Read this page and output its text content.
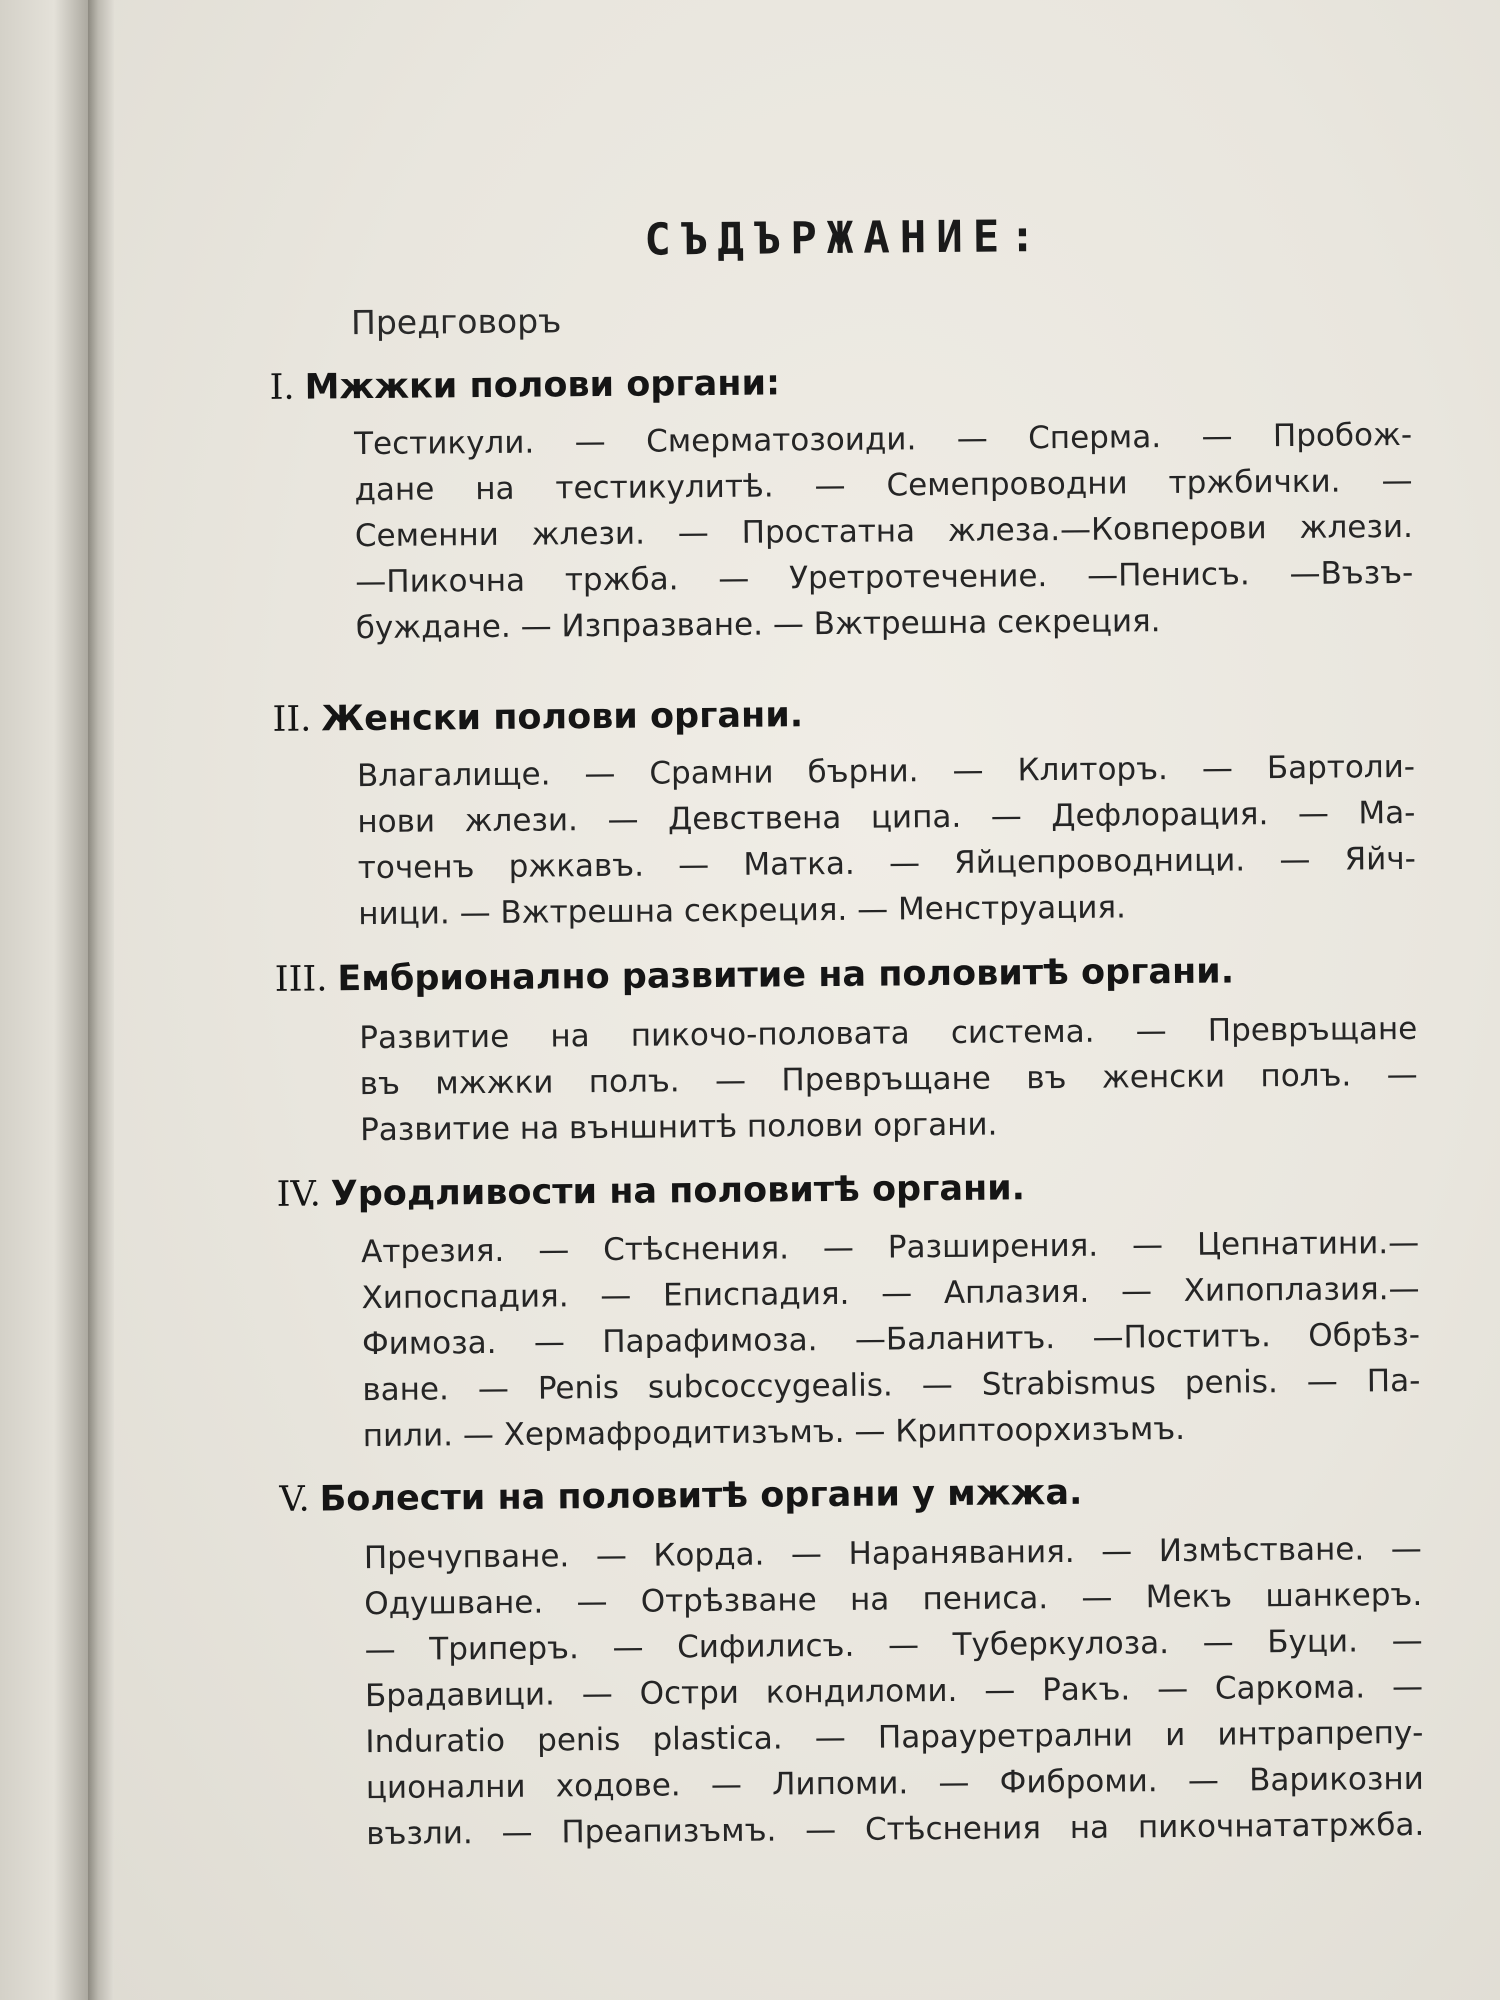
СЪДЪРЖАНИЕ:
Предговоръ
I. Мжжки полови органи:
Тестикули. — Смерматозоиди. — Сперма. — Пробож-
дане на тестикулитѣ. — Семепроводни тржбички. —
Семенни жлези. — Простатна жлеза.—Ковперови жлези.
—Пикочна тржба. — Уретротечение. —Пенисъ. —Възъ-
буждане. — Изпразване. — Вжтрешна секреция.
II. Женски полови органи.
Влагалище. — Срамни бърни. — Клиторъ. — Бартоли-
нови жлези. — Девствена ципа. — Дефлорация. — Ма-
точенъ ржкавъ. — Матка. — Яйцепроводници. — Яйч-
ници. — Вжтрешна секреция. — Менструация.
III. Ембрионално развитие на половитѣ органи.
Развитие на пикочо-половата система. — Превръщане
въ мжжки полъ. — Превръщане въ женски полъ. —
Развитие на външнитѣ полови органи.
IV. Уродливости на половитѣ органи.
Атрезия. — Стѣснения. — Разширения. — Цепнатини.—
Хипоспадия. — Еписпадия. — Аплазия. — Хипоплазия.—
Фимоза. — Парафимоза. —Баланитъ. —Поститъ. Обрѣз-
ване. — Penis subcoccygealis. — Strabismus penis. — Па-
пили. — Хермафродитизъмъ. — Криптоорхизъмъ.
V. Болести на половитѣ органи у мжжа.
Пречупване. — Корда. — Наранявания. — Измѣстване. —
Одушване. — Отрѣзване на пениса. — Мекъ шанкеръ.
— Триперъ. — Сифилисъ. — Туберкулоза. — Буци. —
Брадавици. — Остри кондиломи. — Ракъ. — Саркома. —
Induratio penis plastica. — Парауретрални и интрапрепу-
ционални ходове. — Липоми. — Фиброми. — Варикозни
възли. — Преапизъмъ. — Стѣснения на пикочнататржба.
